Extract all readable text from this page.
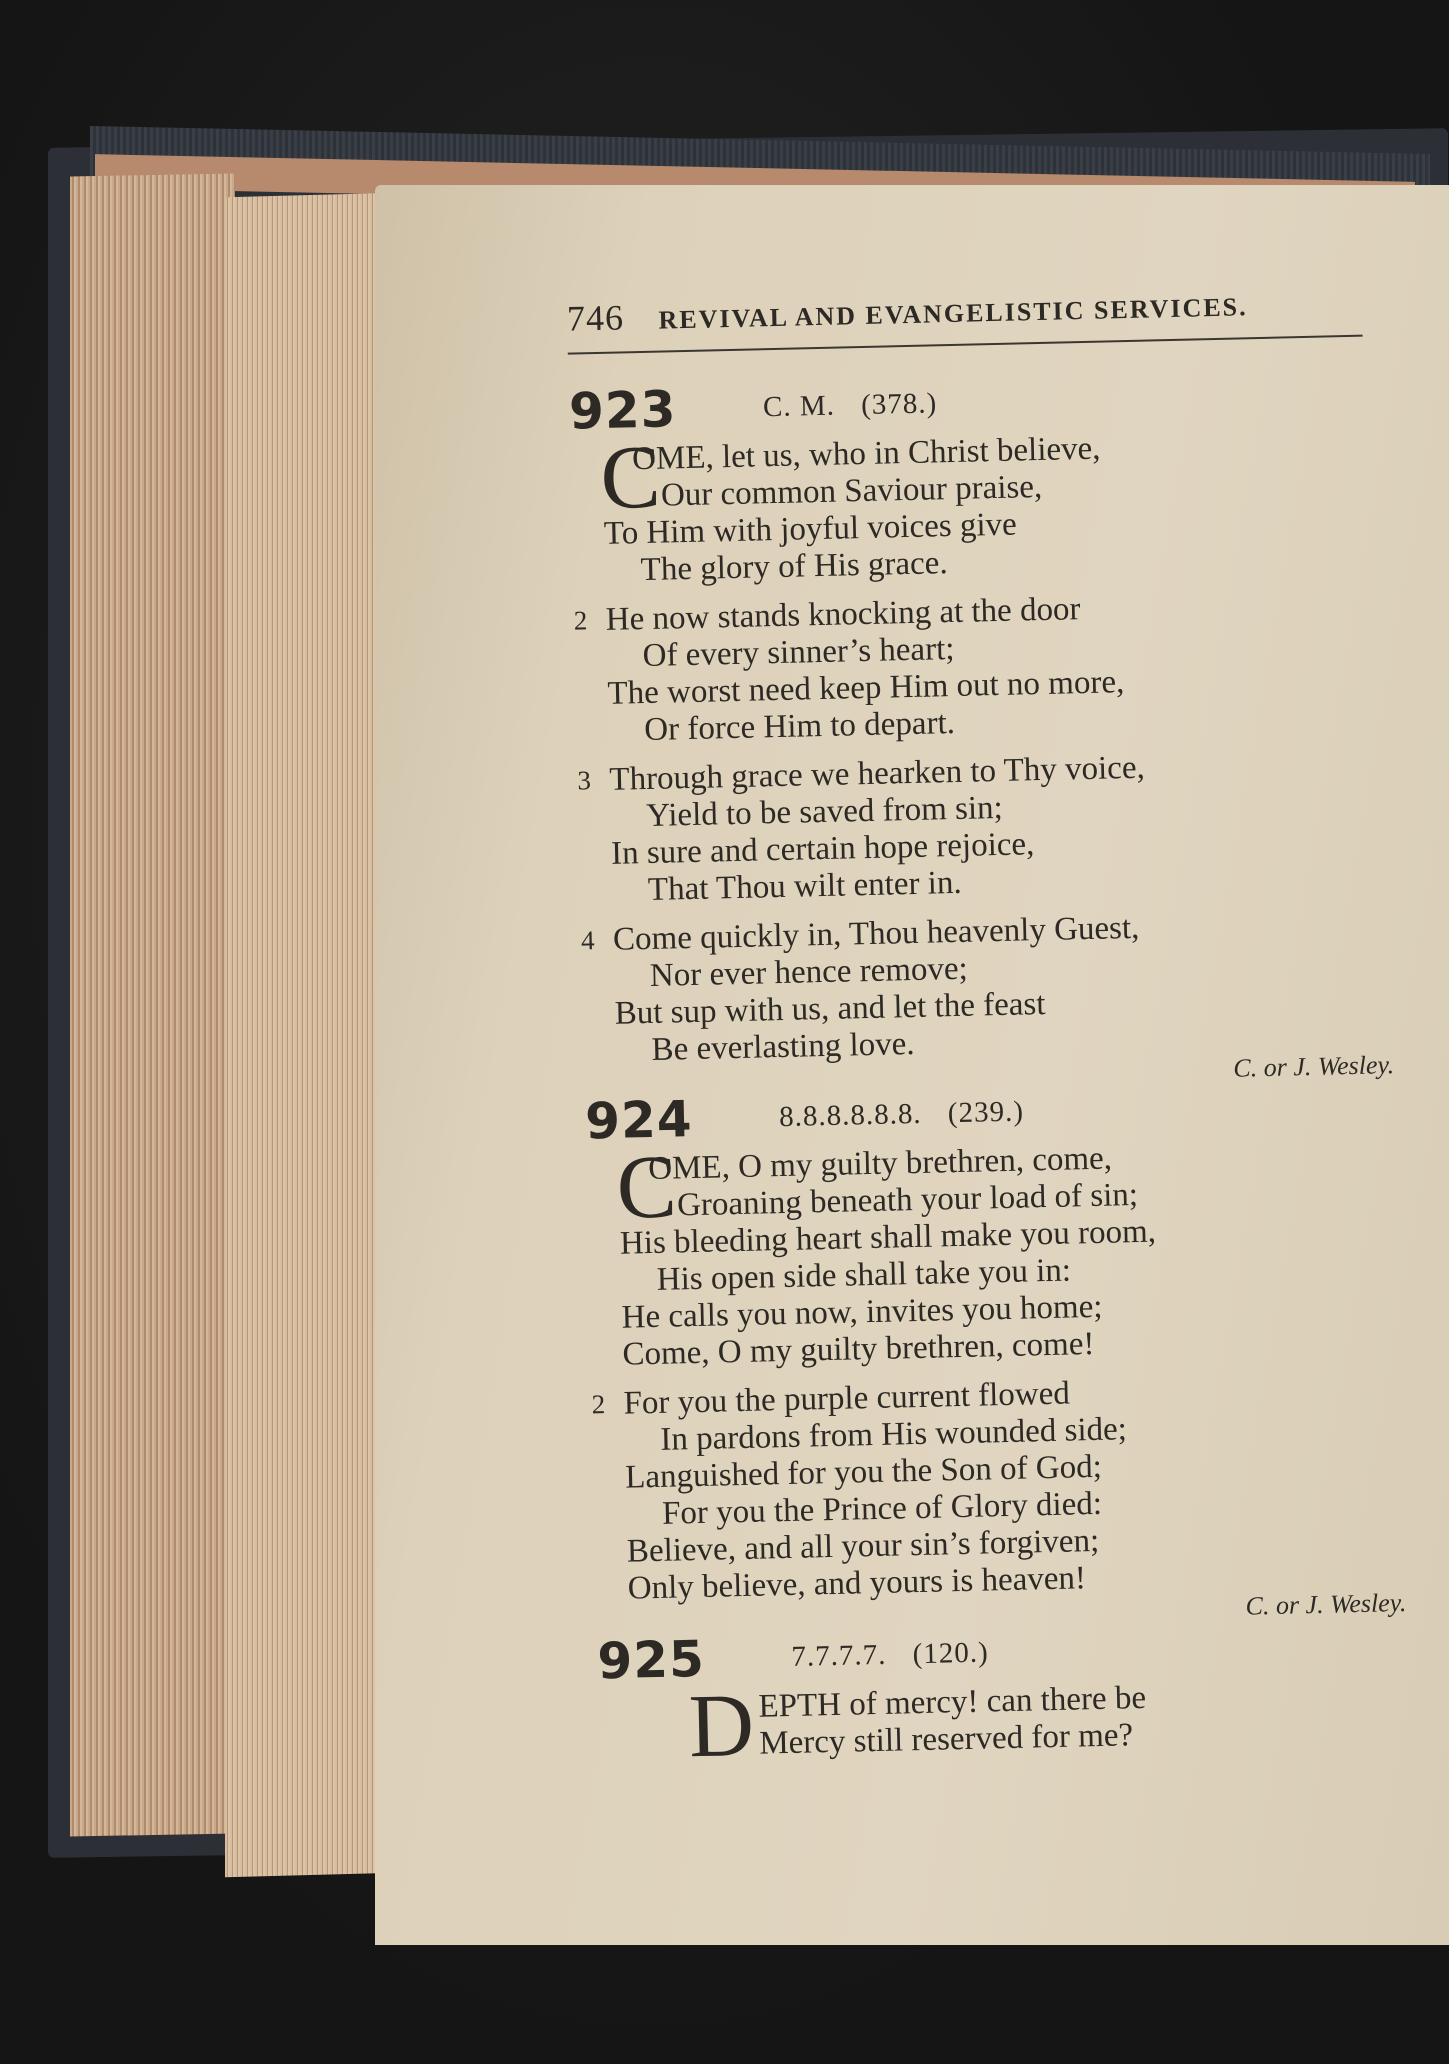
746 REVIVAL AND EVANGELISTIC SERVICES.
923	C. M. (378.)
C
OME, let us, who in Christ believe,
Our common Saviour praise,
To Him with joyful voices give
The glory of His grace.
2 He now stands knocking at the door
Of every sinner’s heart;
The worst need keep Him out no more,
Or force Him to depart.
3 Through grace we hearken to Thy voice,
Yield to be saved from sin;
In sure and certain hope rejoice,
That Thou wilt enter in.
4 Come quickly in, Thou heavenly Guest,
Nor ever hence remove;
But sup with us, and let the feast
Be everlasting love.	C. or J. Wesley.
924	8.8.8.8.8.8. (239.)
C
OME, O my guilty brethren, come,
Groaning beneath your load of sin;
His bleeding heart shall make you room,
His open side shall take you in:
He calls you now, invites you home;
Come, O my guilty brethren, come!
2 For you the purple current flowed
In pardons from His wounded side;
Languished for you the Son of God;
For you the Prince of Glory died:
Believe, and all your sin’s forgiven;
Only believe, and yours is heaven!	C. or J. Wesley.
925	7.7.7.7. (120.)
D EPTH of mercy! can there be
Mercy still reserved for me?
